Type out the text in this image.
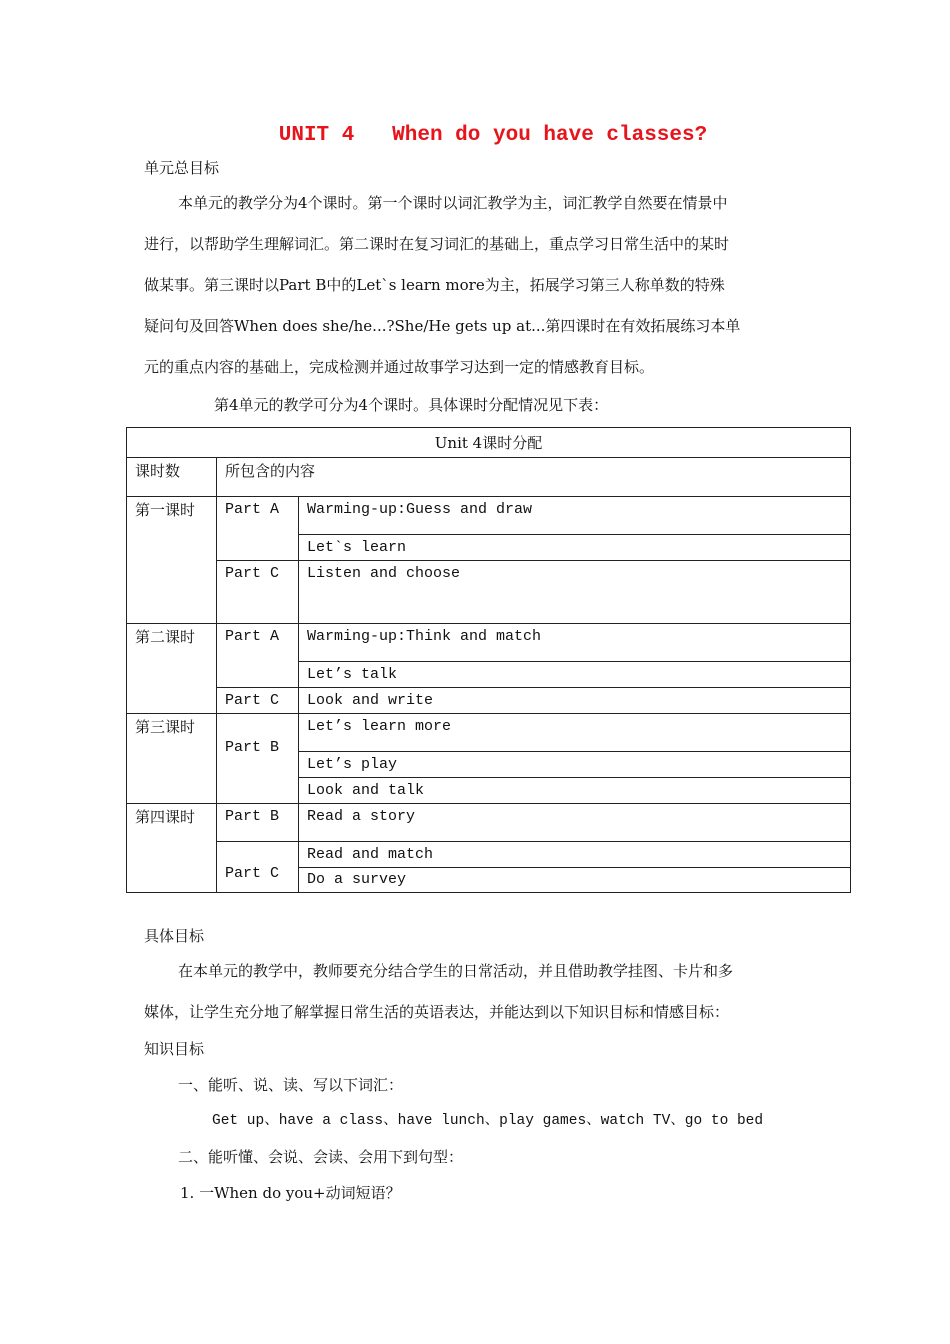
UNIT 4   When do you have classes?
单元总目标
本单元的教学分为4个课时。第一个课时以词汇教学为主，词汇教学自然要在情景中
进行，以帮助学生理解词汇。第二课时在复习词汇的基础上，重点学习日常生活中的某时
做某事。第三课时以Part B中的Let`s learn more为主，拓展学习第三人称单数的特殊
疑问句及回答When does she/he...?She/He gets up at...第四课时在有效拓展练习本单
元的重点内容的基础上，完成检测并通过故事学习达到一定的情感教育目标。
第4单元的教学可分为4个课时。具体课时分配情况见下表：
Unit 4课时分配		
课时数	所包含的内容	
第一课时	Part A	Warming-up:Guess and draw
		Let`s learn
	Part C	Listen and choose
第二课时	Part A	Warming-up:Think and match
		Let’s talk
	Part C	Look and write
第三课时	Part B	Let’s learn more
		Let’s play
		Look and talk
第四课时	Part B	Read a story
	Part C	Read and match
		Do a survey
具体目标
在本单元的教学中，教师要充分结合学生的日常活动，并且借助教学挂图、卡片和多
媒体，让学生充分地了解掌握日常生活的英语表达，并能达到以下知识目标和情感目标：
知识目标
一、能听、说、读、写以下词汇：
Get up、have a class、have lunch、play games、watch TV、go to bed
二、能听懂、会说、会读、会用下到句型：
1. 一When do you+动词短语？
